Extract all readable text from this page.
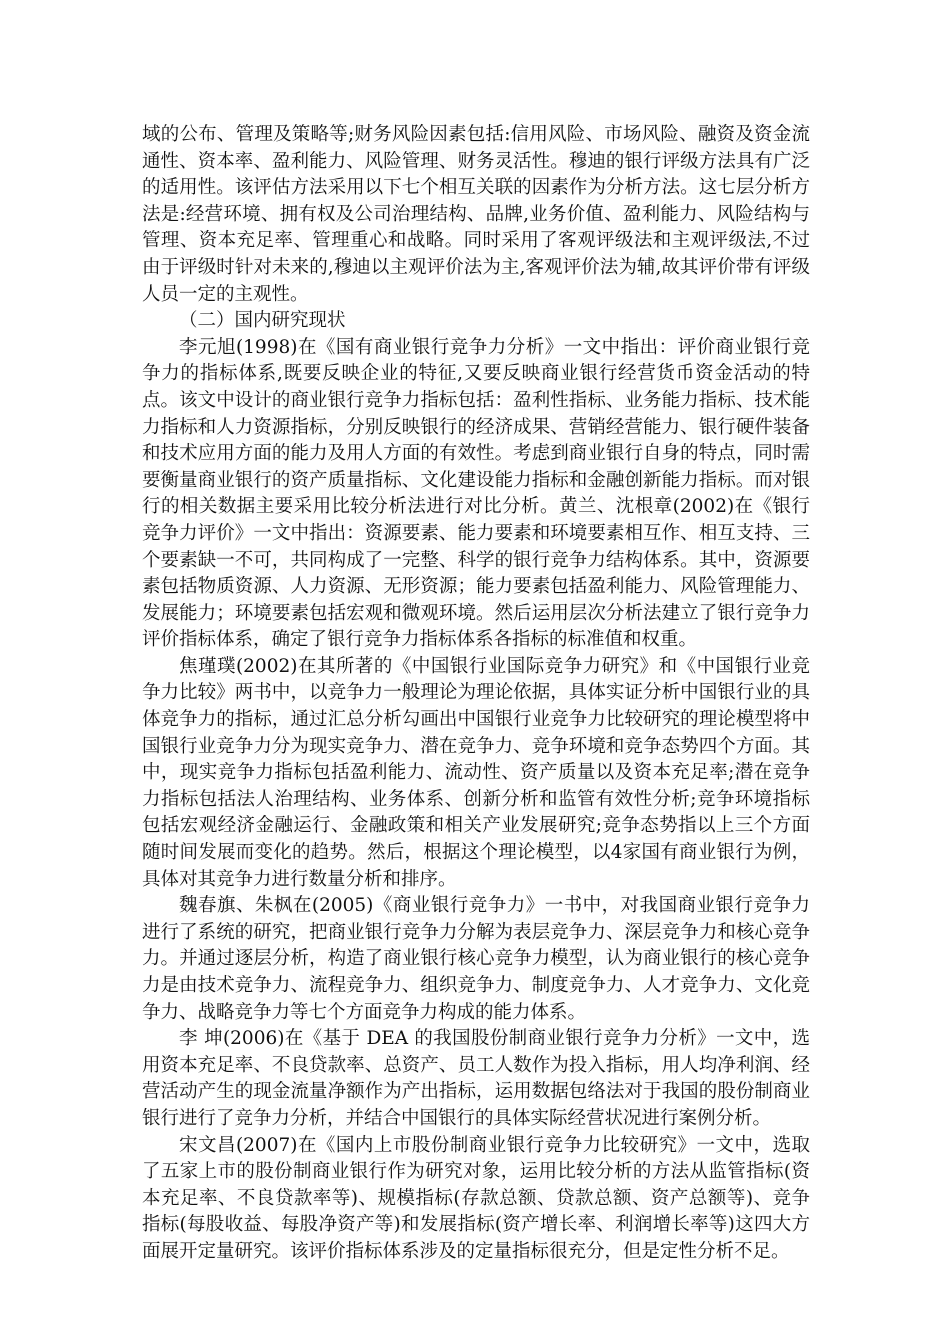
域的公布、管理及策略等;财务风险因素包括:信用风险、市场风险、融资及资金流通性、资本率、盈利能力、风险管理、财务灵活性。穆迪的银行评级方法具有广泛的适用性。该评估方法采用以下七个相互关联的因素作为分析方法。这七层分析方法是:经营环境、拥有权及公司治理结构、品牌,业务价值、盈利能力、风险结构与管理、资本充足率、管理重心和战略。同时采用了客观评级法和主观评级法,不过由于评级时针对未来的,穆迪以主观评价法为主,客观评价法为辅,故其评价带有评级人员一定的主观性。

（二）国内研究现状

李元旭(1998)在《国有商业银行竞争力分析》一文中指出：评价商业银行竞争力的指标体系,既要反映企业的特征,又要反映商业银行经营货币资金活动的特点。该文中设计的商业银行竞争力指标包括：盈利性指标、业务能力指标、技术能力指标和人力资源指标，分别反映银行的经济成果、营销经营能力、银行硬件装备和技术应用方面的能力及用人方面的有效性。考虑到商业银行自身的特点，同时需要衡量商业银行的资产质量指标、文化建设能力指标和金融创新能力指标。而对银行的相关数据主要采用比较分析法进行对比分析。黄兰、沈根章(2002)在《银行竞争力评价》一文中指出：资源要素、能力要素和环境要素相互作、相互支持、三个要素缺一不可，共同构成了一完整、科学的银行竞争力结构体系。其中，资源要素包括物质资源、人力资源、无形资源；能力要素包括盈利能力、风险管理能力、发展能力；环境要素包括宏观和微观环境。然后运用层次分析法建立了银行竞争力评价指标体系，确定了银行竞争力指标体系各指标的标准值和权重。

焦瑾璞(2002)在其所著的《中国银行业国际竞争力研究》和《中国银行业竞争力比较》两书中，以竞争力一般理论为理论依据，具体实证分析中国银行业的具体竞争力的指标，通过汇总分析勾画出中国银行业竞争力比较研究的理论模型将中国银行业竞争力分为现实竞争力、潜在竞争力、竞争环境和竞争态势四个方面。其中，现实竞争力指标包括盈利能力、流动性、资产质量以及资本充足率;潜在竞争力指标包括法人治理结构、业务体系、创新分析和监管有效性分析;竞争环境指标包括宏观经济金融运行、金融政策和相关产业发展研究;竞争态势指以上三个方面随时间发展而变化的趋势。然后，根据这个理论模型，以4家国有商业银行为例，具体对其竞争力进行数量分析和排序。

魏春旗、朱枫在(2005)《商业银行竞争力》一书中，对我国商业银行竞争力进行了系统的研究，把商业银行竞争力分解为表层竞争力、深层竞争力和核心竞争力。并通过逐层分析，构造了商业银行核心竞争力模型，认为商业银行的核心竞争力是由技术竞争力、流程竞争力、组织竞争力、制度竞争力、人才竞争力、文化竞争力、战略竞争力等七个方面竞争力构成的能力体系。

李 坤(2006)在《基于 DEA 的我国股份制商业银行竞争力分析》一文中，选用资本充足率、不良贷款率、总资产、员工人数作为投入指标，用人均净利润、经营活动产生的现金流量净额作为产出指标，运用数据包络法对于我国的股份制商业银行进行了竞争力分析，并结合中国银行的具体实际经营状况进行案例分析。

宋文昌(2007)在《国内上市股份制商业银行竞争力比较研究》一文中，选取了五家上市的股份制商业银行作为研究对象，运用比较分析的方法从监管指标(资本充足率、不良贷款率等)、规模指标(存款总额、贷款总额、资产总额等)、竞争指标(每股收益、每股净资产等)和发展指标(资产增长率、利润增长率等)这四大方面展开定量研究。该评价指标体系涉及的定量指标很充分，但是定性分析不足。
